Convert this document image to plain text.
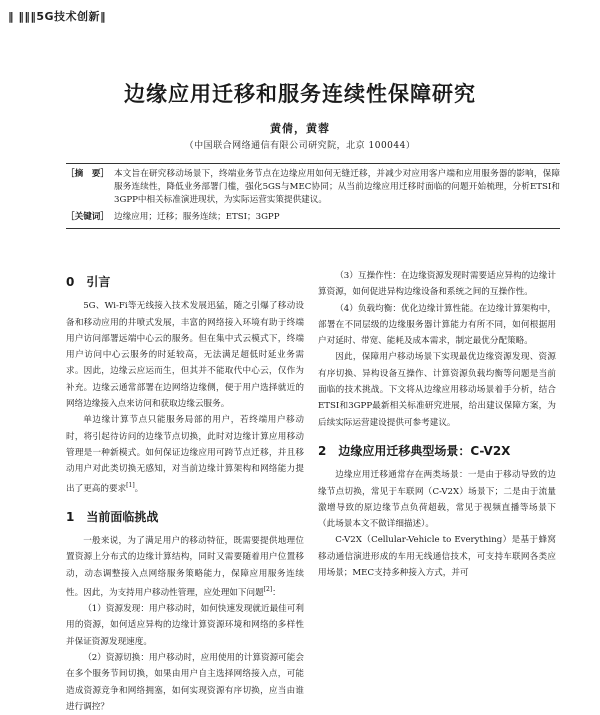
‖ ‖‖‖5G技术创新‖
边缘应用迁移和服务连续性保障研究
黄倩，黄蓉
（中国联合网络通信有限公司研究院，北京 100044）
［摘　要］ 本文旨在研究移动场景下，终端业务节点在边缘应用如何无缝迁移，并减少对应用客户端和应用服务器的影响，保障服务连续性，降低业务部署门槛，强化5GS与MEC协同；从当前边缘应用迁移时面临的问题开始梳理，分析ETSI和3GPP中相关标准演进现状，为实际运营实策提供建议。
［关键词］ 边缘应用；迁移；服务连续；ETSI；3GPP
0　引言

5G、Wi-Fi等无线接入技术发展迅猛，随之引爆了移动设备和移动应用的井喷式发展，丰富的网络接入环境有助于终端用户访问部署远端中心云的服务。但在集中式云模式下，终端用户访问中心云服务的时延较高，无法满足超低时延业务需求。因此，边缘云应运而生，但其并不能取代中心云，仅作为补充。边缘云通常部署在边网络边缘侧，便于用户选择就近的网络边缘接入点来访问和获取边缘云服务。

单边缘计算节点只能服务局部的用户，若终端用户移动时，将引起待访问的边缘节点切换，此时对边缘计算应用移动管理是一种新模式。如何保证边缘应用可跨节点迁移，并且移动用户对此类切换无感知，对当前边缘计算架构和网络能力提出了更高的要求[1]。

1　当前面临挑战

一般来说，为了满足用户的移动特征，既需要提供地理位置资源上分布式的边缘计算结构，同时又需要随着用户位置移动，动态调整接入点网络服务策略能力，保障应用服务连续性。因此，为支持用户移动性管理，应处理如下问题[2]：

（1）资源发现：用户移动时，如何快速发现就近最佳可利用的资源，如何适应异构的边缘计算资源环境和网络的多样性并保证资源发现速度。

（2）资源切换：用户移动时，应用使用的计算资源可能会在多个服务节间切换，如果由用户自主选择网络接入点，可能造成资源竞争和网络拥塞，如何实现资源有序切换，应当由谁进行调控？

（3）互操作性：在边缘资源发现时需要适应异构的边缘计算资源，如何促进异构边缘设备和系统之间的互操作性。

（4）负载均衡：优化边缘计算性能。在边缘计算架构中，部署在不同层级的边缘服务器计算能力有所不同，如何根据用户对延时、带宽、能耗及成本需求，制定最优分配策略。

因此，保障用户移动场景下实现最优边缘资源发现、资源有序切换、异构设备互操作、计算资源负载均衡等问题是当前面临的技术挑战。下文将从边缘应用移动场景着手分析，结合ETSI和3GPP最新相关标准研究进展，给出建议保障方案，为后续实际运营建设提供可参考建议。

2　边缘应用迁移典型场景：C-V2X

边缘应用迁移通常存在两类场景：一是由于移动导致的边缘节点切换，常见于车联网（C-V2X）场景下；二是由于流量激增导致的原边缘节点负荷超载，常见于视频直播等场景下（此场景本文不做详细描述）。

C-V2X（Cellular-Vehicle to Everything）是基于蜂窝移动通信演进形成的车用无线通信技术，可支持车联网各类应用场景；MEC支持多种接入方式，并可
